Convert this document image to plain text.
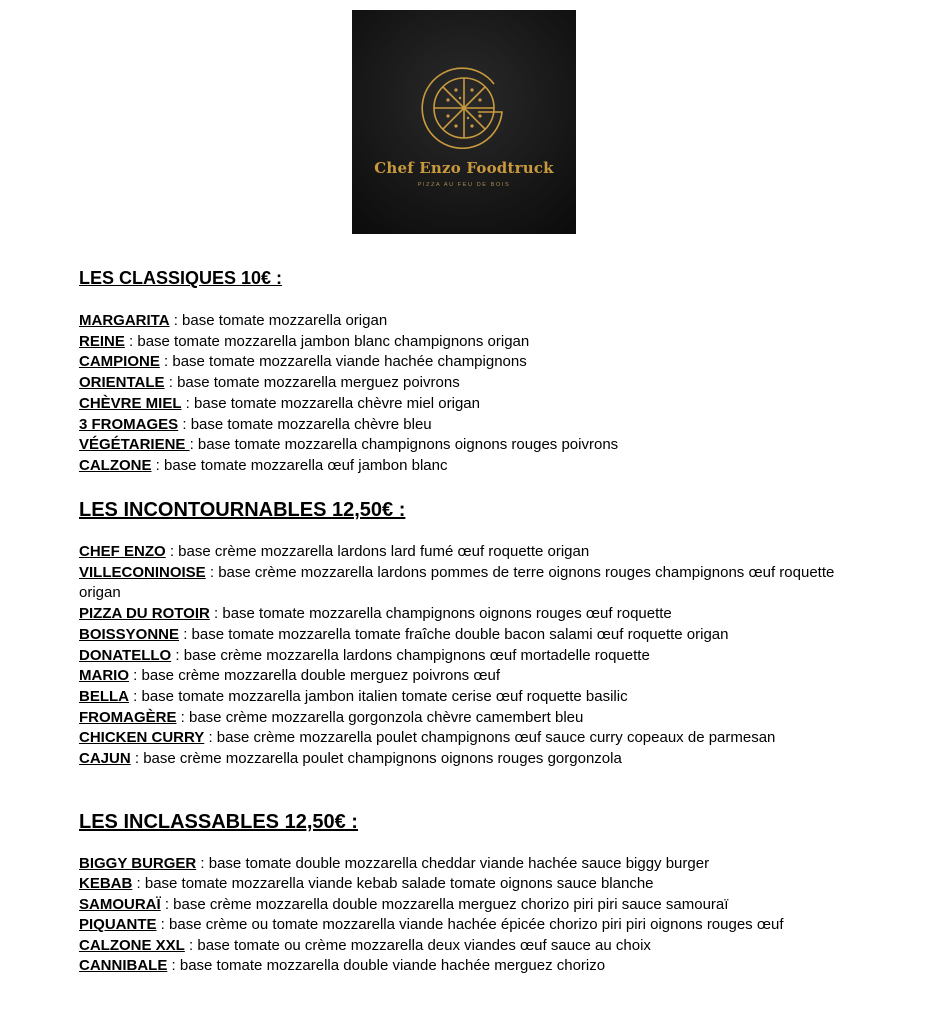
Chef Enzo Foodtruck
PIZZA AU FEU DE BOIS
LES CLASSIQUES 10€ :

MARGARITA : base tomate mozzarella origan

REINE : base tomate mozzarella jambon blanc champignons origan

CAMPIONE : base tomate mozzarella viande hachée champignons

ORIENTALE : base tomate mozzarella merguez poivrons

CHÈVRE MIEL : base tomate mozzarella chèvre miel origan

3 FROMAGES : base tomate mozzarella chèvre bleu

VÉGÉTARIENE : base tomate mozzarella champignons oignons rouges poivrons

CALZONE : base tomate mozzarella œuf jambon blanc

LES INCONTOURNABLES 12,50€ :

CHEF ENZO : base crème mozzarella lardons lard fumé œuf roquette origan

VILLECONINOISE : base crème mozzarella lardons pommes de terre oignons rouges champignons œuf roquette origan

PIZZA DU ROTOIR : base tomate mozzarella champignons oignons rouges œuf roquette

BOISSYONNE : base tomate mozzarella tomate fraîche double bacon salami œuf roquette origan

DONATELLO : base crème mozzarella lardons champignons œuf mortadelle roquette

MARIO : base crème mozzarella double merguez poivrons œuf

BELLA : base tomate mozzarella jambon italien tomate cerise œuf roquette basilic

FROMAGÈRE : base crème mozzarella gorgonzola chèvre camembert bleu

CHICKEN CURRY : base crème mozzarella poulet champignons œuf sauce curry copeaux de parmesan

CAJUN : base crème mozzarella poulet champignons oignons rouges gorgonzola

LES INCLASSABLES 12,50€ :

BIGGY BURGER : base tomate double mozzarella cheddar viande hachée sauce biggy burger

KEBAB : base tomate mozzarella viande kebab salade tomate oignons sauce blanche

SAMOURAÏ : base crème mozzarella double mozzarella merguez chorizo piri piri sauce samouraï

PIQUANTE : base crème ou tomate mozzarella viande hachée épicée chorizo piri piri oignons rouges œuf

CALZONE XXL : base tomate ou crème mozzarella deux viandes œuf sauce au choix

CANNIBALE : base tomate mozzarella double viande hachée merguez chorizo
